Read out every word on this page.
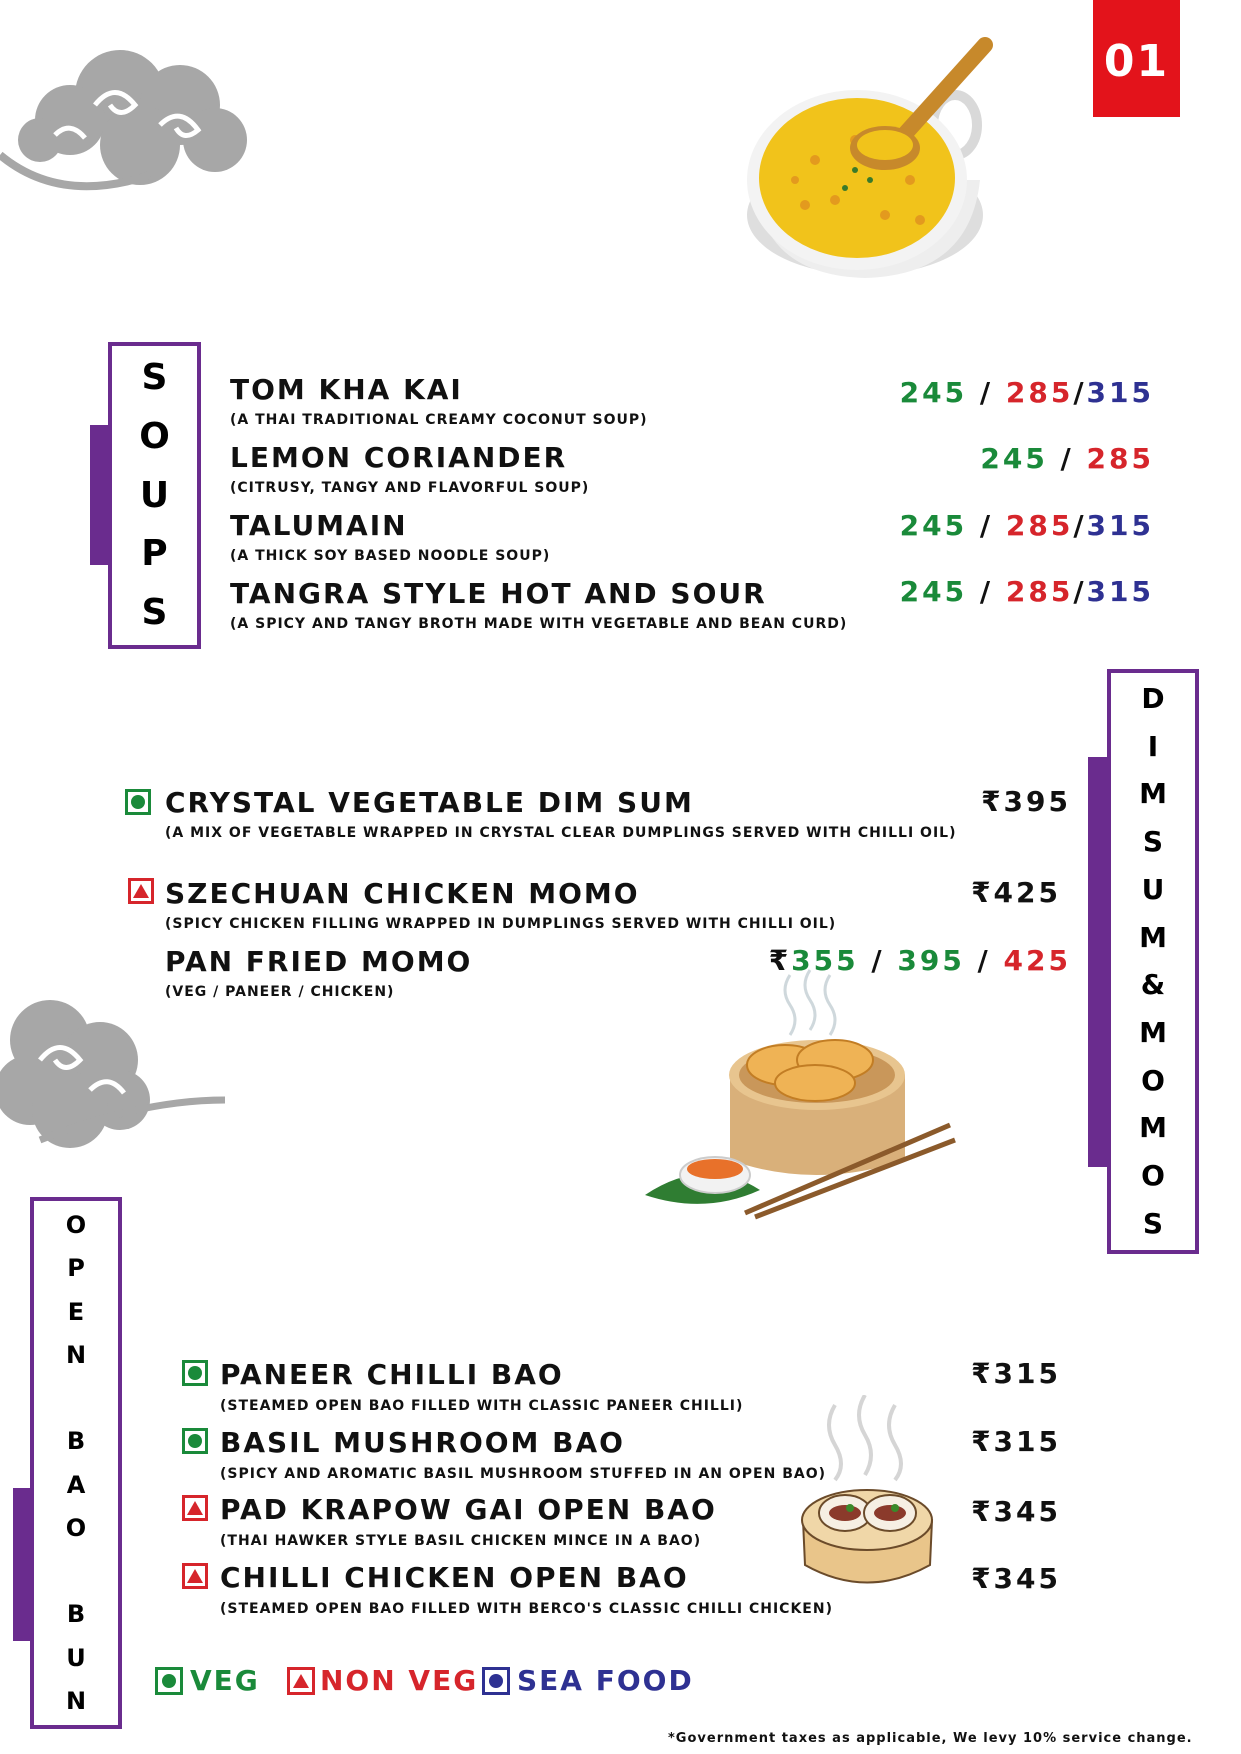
01
S
O
U
P
S
TOM KHA KAI
(A THAI TRADITIONAL CREAMY COCONUT SOUP)
245 / 285/315
LEMON CORIANDER
(CITRUSY, TANGY AND FLAVORFUL SOUP)
245 / 285
TALUMAIN
(A THICK SOY BASED NOODLE SOUP)
245 / 285/315
TANGRA STYLE HOT AND SOUR
(A SPICY AND TANGY BROTH MADE WITH VEGETABLE AND BEAN CURD)
245 / 285/315
D
I
M
S
U
M
&
M
O
M
O
S
CRYSTAL VEGETABLE DIM SUM
(A MIX OF VEGETABLE WRAPPED IN CRYSTAL CLEAR DUMPLINGS SERVED WITH CHILLI OIL)
₹395
SZECHUAN CHICKEN MOMO
(SPICY CHICKEN FILLING WRAPPED IN DUMPLINGS SERVED WITH CHILLI OIL)
₹425
PAN FRIED MOMO
(VEG / PANEER / CHICKEN)
₹355 / 395 / 425
O
P
E
N
B
A
O
B
U
N
PANEER CHILLI BAO
(STEAMED OPEN BAO FILLED WITH CLASSIC PANEER CHILLI)
₹315
BASIL MUSHROOM BAO
(SPICY AND AROMATIC BASIL MUSHROOM STUFFED IN AN OPEN BAO)
₹315
PAD KRAPOW GAI OPEN BAO
(THAI HAWKER STYLE BASIL CHICKEN MINCE IN A BAO)
₹345
CHILLI CHICKEN OPEN BAO
(STEAMED OPEN BAO FILLED WITH BERCO'S CLASSIC CHILLI CHICKEN)
₹345
VEG NON VEG SEA FOOD
*Government taxes as applicable, We levy 10% service change.
